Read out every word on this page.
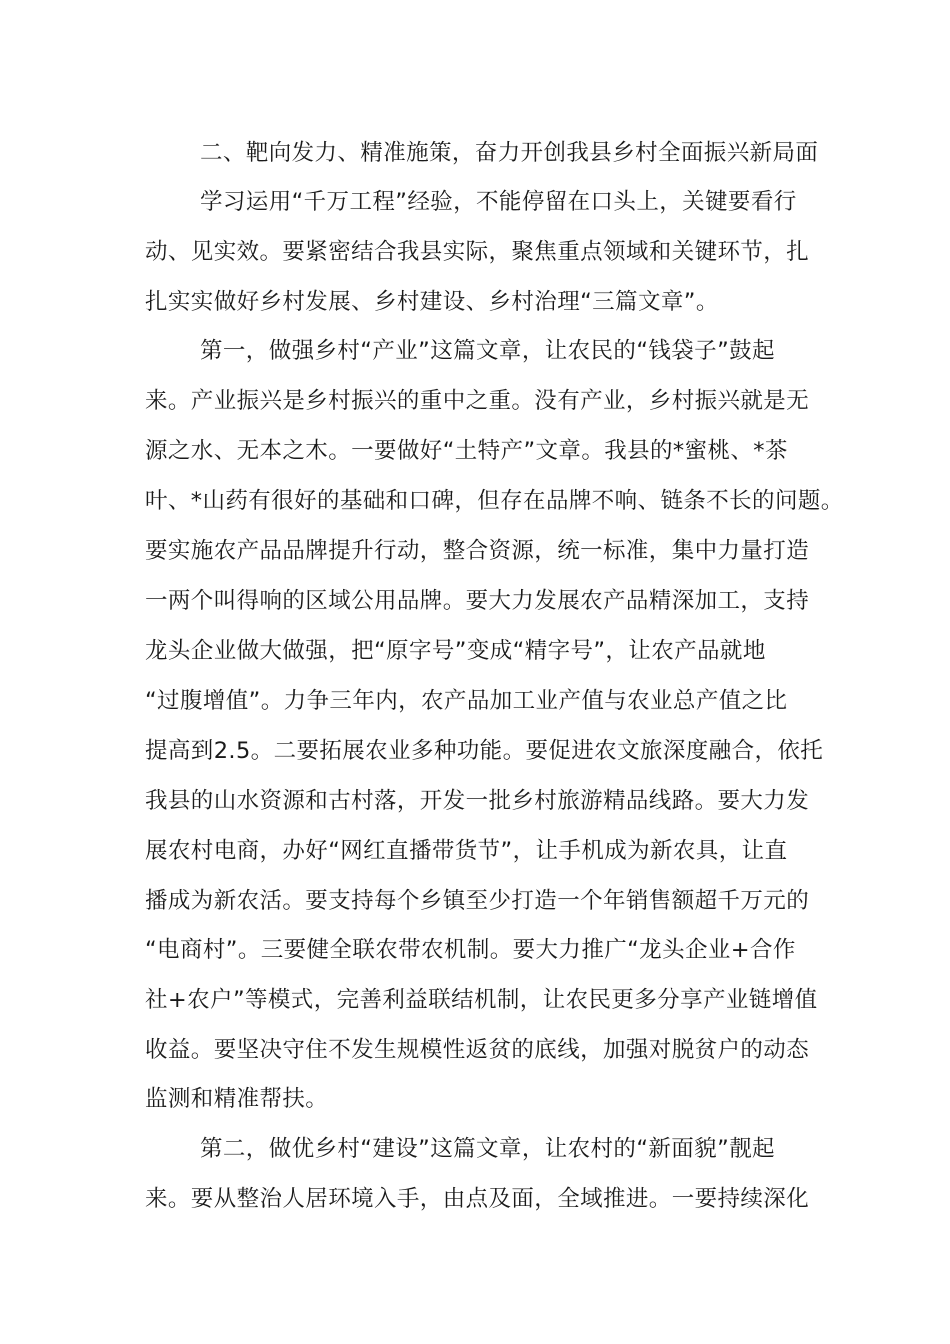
二、靶向发力、精准施策，奋力开创我县乡村全面振兴新局面
学习运用“千万工程”经验，不能停留在口头上，关键要看行
动、见实效。要紧密结合我县实际，聚焦重点领域和关键环节，扎
扎实实做好乡村发展、乡村建设、乡村治理“三篇文章”。
第一，做强乡村“产业”这篇文章，让农民的“钱袋子”鼓起
来。产业振兴是乡村振兴的重中之重。没有产业，乡村振兴就是无
源之水、无本之木。一要做好“土特产”文章。我县的*蜜桃、*茶
叶、*山药有很好的基础和口碑，但存在品牌不响、链条不长的问题。
要实施农产品品牌提升行动，整合资源，统一标准，集中力量打造
一两个叫得响的区域公用品牌。要大力发展农产品精深加工，支持
龙头企业做大做强，把“原字号”变成“精字号”，让农产品就地
“过腹增值”。力争三年内，农产品加工业产值与农业总产值之比
提高到2.5。二要拓展农业多种功能。要促进农文旅深度融合，依托
我县的山水资源和古村落，开发一批乡村旅游精品线路。要大力发
展农村电商，办好“网红直播带货节”，让手机成为新农具，让直
播成为新农活。要支持每个乡镇至少打造一个年销售额超千万元的
“电商村”。三要健全联农带农机制。要大力推广“龙头企业+合作
社+农户”等模式，完善利益联结机制，让农民更多分享产业链增值
收益。要坚决守住不发生规模性返贫的底线，加强对脱贫户的动态
监测和精准帮扶。
第二，做优乡村“建设”这篇文章，让农村的“新面貌”靓起
来。要从整治人居环境入手，由点及面，全域推进。一要持续深化
